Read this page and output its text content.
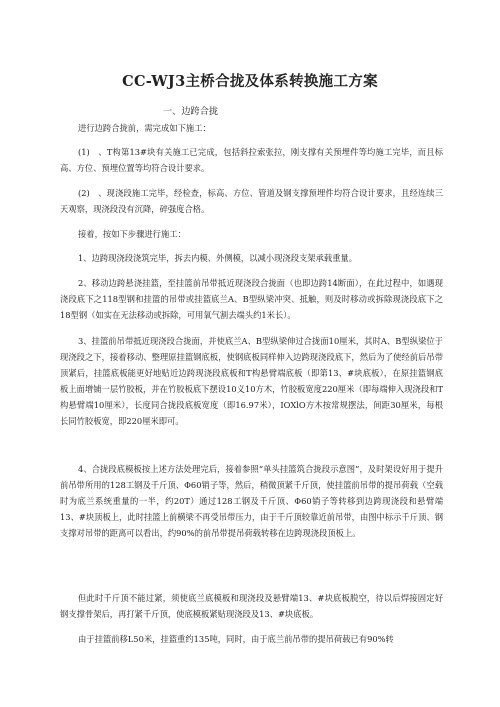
CC-WJ3主桥合拢及体系转换施工方案
一、边跨合拢

进行边跨合拢前，需完成如下施工：

(1)　、T构第13#块有关施工已完成，包括斜拉索张拉，刚支撑有关预埋件等均施工完毕，而且标高、方位、预埋位置等均符合设计要求。

(2)　、现浇段施工完毕，经检查，标高、方位、管道及钢支撑预埋件均符合设计要求，且经连续三天观察，现浇段没有沉降，碎强度合格。

接着，按如下步骤进行施工：

1、边跨现浇段浇筑完毕，拆去内模、外侧模，以减小现浇段支架承载重量。

2、移动边跨悬浇挂篮，至挂篮前吊带抵近现浇段合拢面（也即边跨14断面），在此过程中，如遇现浇段底下之118型钢和挂篮的吊带或挂篮底兰A、B型纵梁冲突、抵触，则及时移动或拆除现浇段底下之18型钢（如实在无法移动或拆除，可用氧气割去端头约1米长）。

3、挂篮前吊带抵近现浇段合拢面，并使底兰A、B型纵梁伸过合拢面10厘米，其时A、B型纵梁位于现浇段之下，接着移动、整理原挂篮钢底板，使钢底板同样伸入边跨现浇段底下，然后为了使经前后吊带顶紧后，挂篮底板能更好地贴近边跨现浇段底板和T构悬臂端底板（即第13、#块底板），在原挂篮钢底板上面增铺一层竹胶板，并在竹胶板底下摆设10义10方木，竹胶板宽度220厘米（即每端伸入现浇段和T构悬臂端10厘米），长度同合拢段底板宽度（即16.97米），IOXlO方木按常规摆法，间距30厘米，每根长同竹胶板宽，即220厘米即可。

4、合拢段底模板按上述方法处理完后，接着参照“单头挂篮筑合拢段示意图”，及时架设好用于提升前吊带所用的128工钢及千斤顶、Φ60销子等，然后，稍微顶紧千斤顶，使挂篮前吊带的提吊荷载（空载时为底兰系统重量的一半，约20T）通过128工钢及千斤顶、Φ60销子等转移到边跨现浇段和悬臂端13、#块顶板上，此时挂篮上前横梁不再受吊带压力，由于千斤顶较靠近前吊带，由图中标示千斤顶、钢支撑对吊带的距离可以看出，约90%的前吊带提吊荷载转移在边跨现浇段顶板上。

但此时千斤顶不能过紧，须使底兰底模板和现浇段及悬臂端13、#块底板脱空，待以后焊接固定好钢支撑骨架后，再打紧千斤顶，使底模板紧贴现浇段及13、#块底板。

由于挂篮前移L50米，挂篮重约135吨，同时，由于底兰前吊带的提吊荷载已有90%转
